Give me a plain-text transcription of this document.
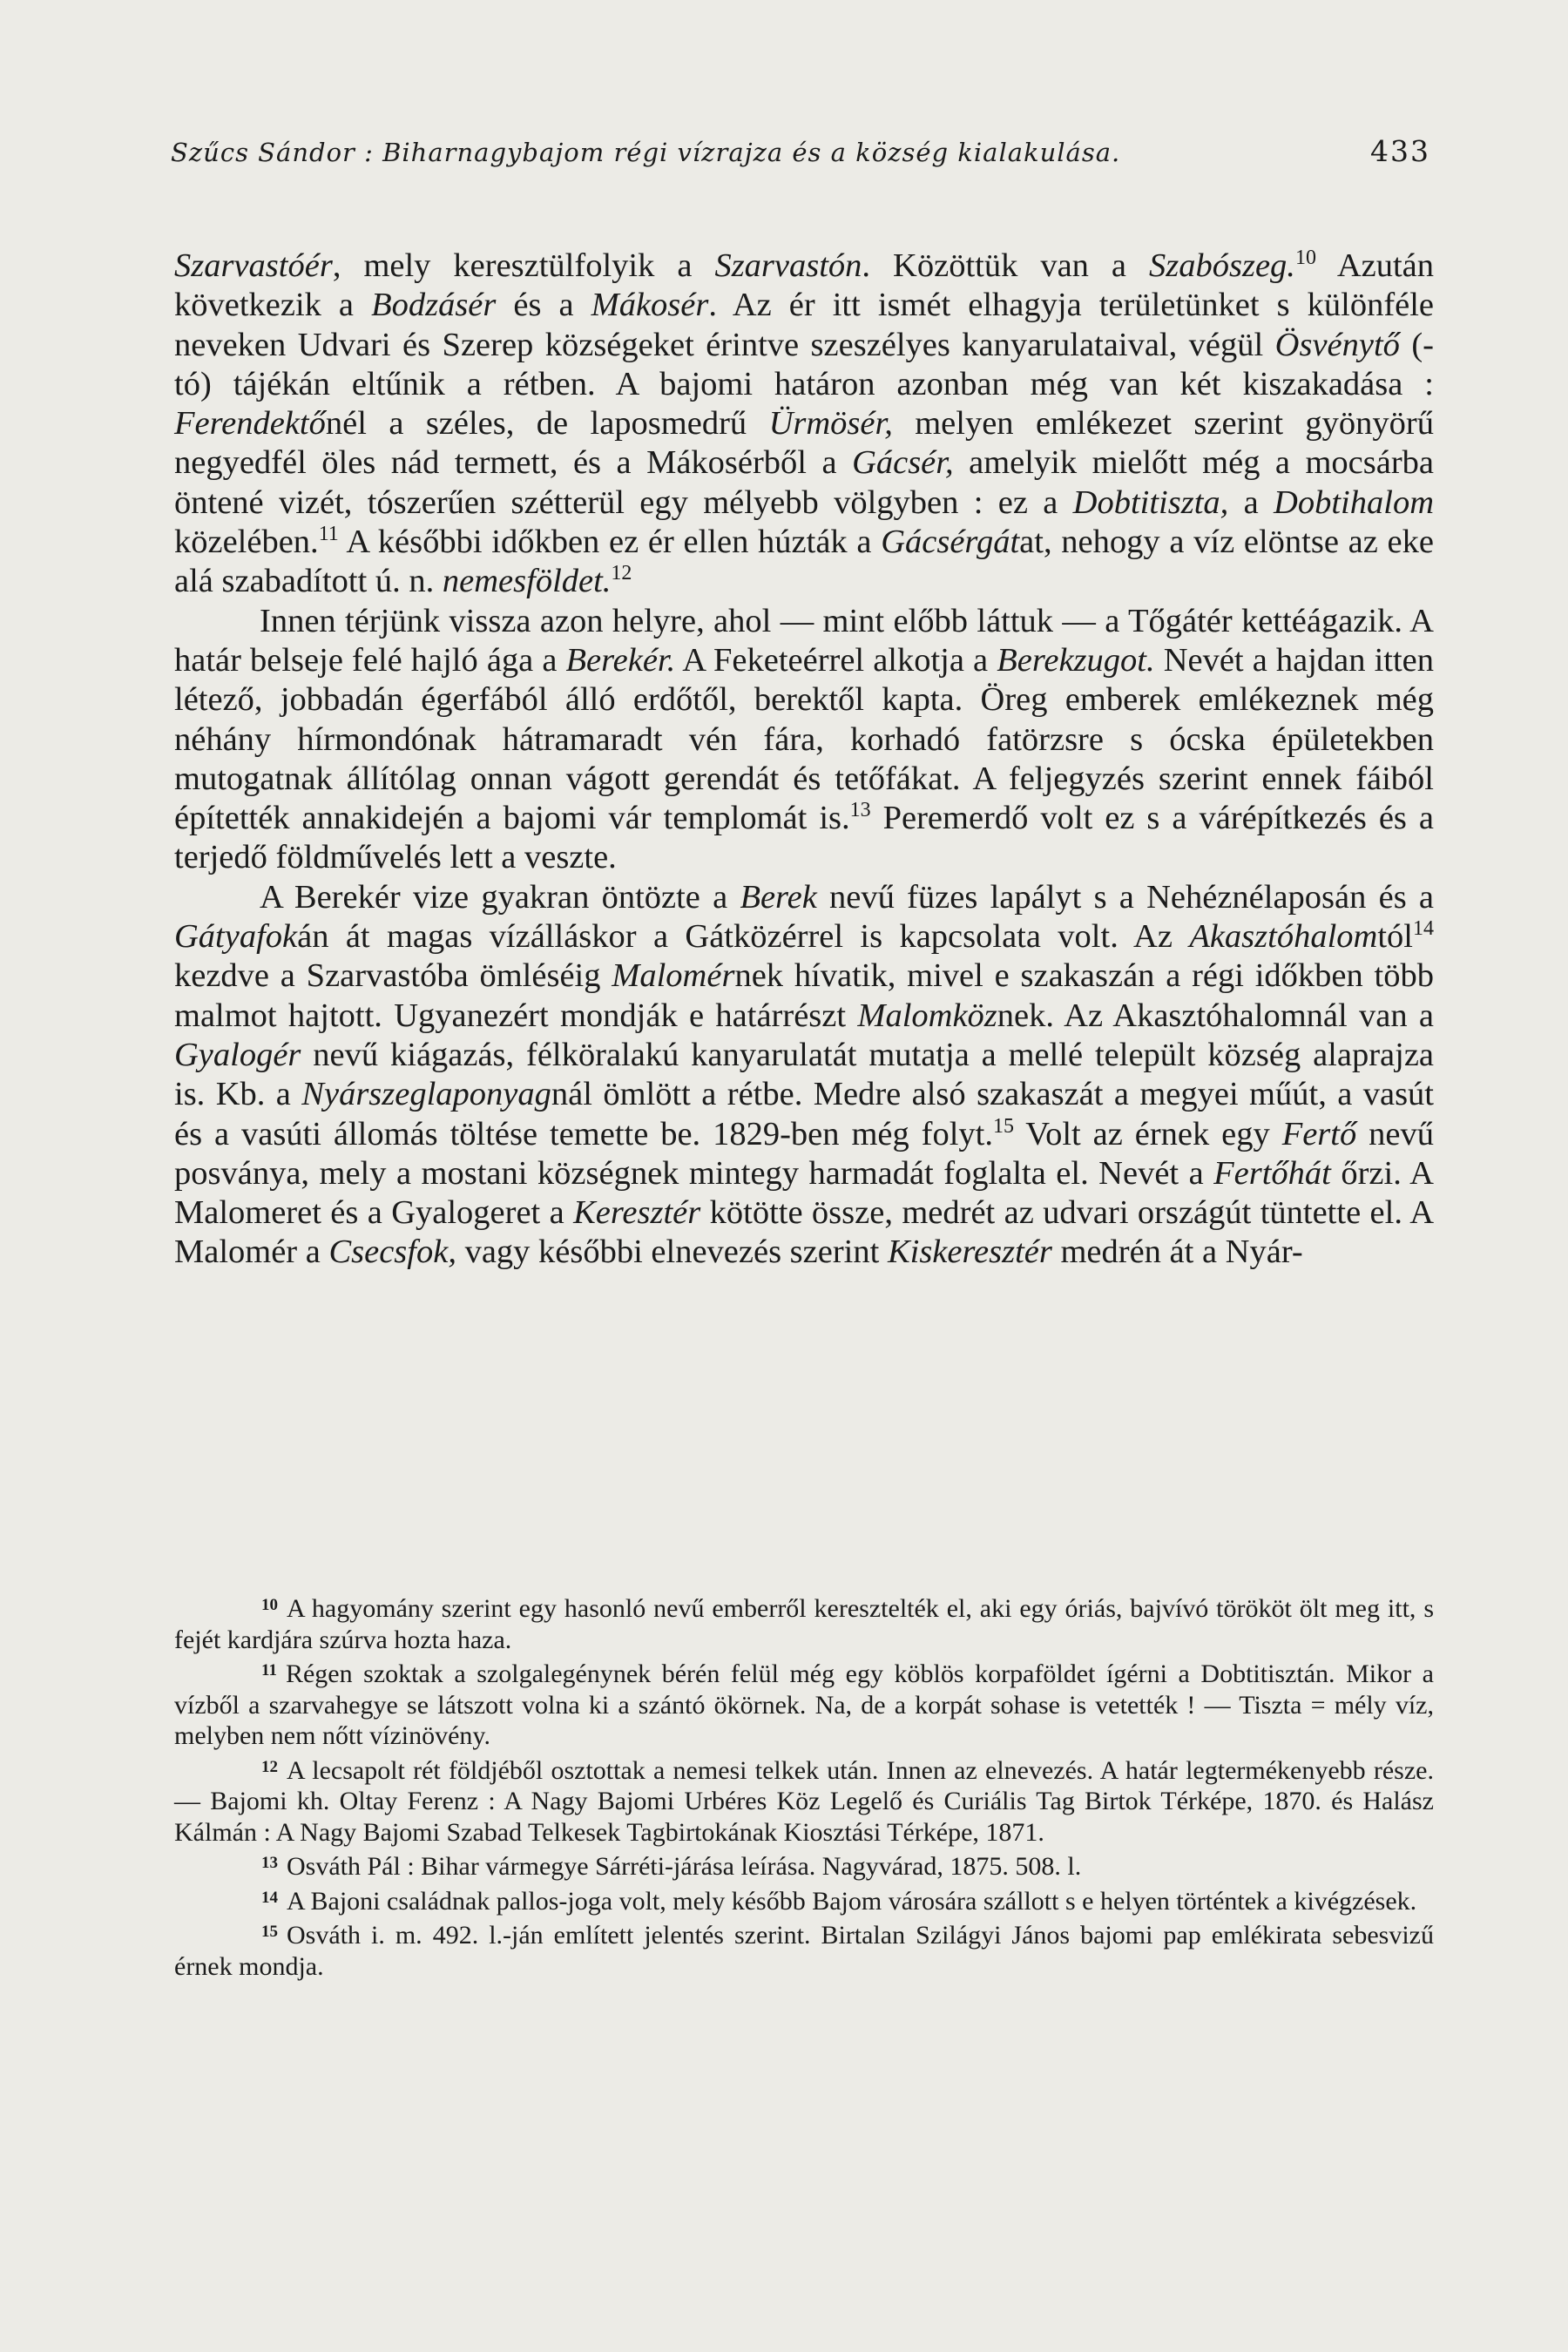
Szűcs Sándor : Biharnagybajom régi vízrajza és a község kialakulása.	433

Szarvastóér, mely keresztülfolyik a Szarvastón. Közöttük van a Szabószeg.$^{10}$ Azután következik a Bodzásér és a Mákosér. Az ér itt ismét elhagyja területünket s különféle neveken Udvari és Szerep községeket érintve szeszélyes kanyarulataival, végül Ösvénytő (-tó) tájékán eltűnik a rétben. A bajomi határon azonban még van két kiszakadása : Ferendektőnél a széles, de laposmedrű Ürmösér, melyen emlékezet szerint gyönyörű negyedfél öles nád termett, és a Mákosérből a Gácsér, amelyik mielőtt még a mocsárba öntené vizét, tószerűen szétterül egy mélyebb völgyben : ez a Dobtitiszta, a Dobtihalom közelében.$^{11}$ A későbbi időkben ez ér ellen húzták a Gácsérgátat, nehogy a víz elöntse az eke alá szabadított ú. n. nemesföldet.$^{12}$

Innen térjünk vissza azon helyre, ahol — mint előbb láttuk — a Tőgátér kettéágazik. A határ belseje felé hajló ága a Berekér. A Feketeérrel alkotja a Berekzugot. Nevét a hajdan itten létező, jobbadán égerfából álló erdőtől, berektől kapta. Öreg emberek emlékeznek még néhány hírmondónak hátramaradt vén fára, korhadó fatörzsre s ócska épületekben mutogatnak állítólag onnan vágott gerendát és tetőfákat. A feljegyzés szerint ennek fáiból építették annakidején a bajomi vár templomát is.$^{13}$ Peremerdő volt ez s a várépítkezés és a terjedő földművelés lett a veszte.

A Berekér vize gyakran öntözte a Berek nevű füzes lapályt s a Nehéznélaposán és a Gátyafokán át magas vízálláskor a Gátközérrel is kapcsolata volt. Az Akasztóhalomtól$^{14}$ kezdve a Szarvastóba ömléséig Malomérnek hívatik, mivel e szakaszán a régi időkben több malmot hajtott. Ugyanezért mondják e határrészt Malomköznek. Az Akasztóhalomnál van a Gyalogér nevű kiágazás, félköralakú kanyarulatát mutatja a mellé települt község alaprajza is. Kb. a Nyárszeglaponyagnál ömlött a rétbe. Medre alsó szakaszát a megyei műút, a vasút és a vasúti állomás töltése temette be. 1829-ben még folyt.$^{15}$ Volt az érnek egy Fertő nevű posványa, mely a mostani községnek mintegy harmadát foglalta el. Nevét a Fertőhát őrzi. A Malomeret és a Gyalogeret a Keresztér kötötte össze, medrét az udvari országút tüntette el. A Malomér a Csecsfok, vagy későbbi elnevezés szerint Kiskeresztér medrén át a Nyár-

$^{10}$ A hagyomány szerint egy hasonló nevű emberről keresztelték el, aki egy óriás, bajvívó törököt ölt meg itt, s fejét kardjára szúrva hozta haza.

$^{11}$ Régen szoktak a szolgalegénynek bérén felül még egy köblös korpaföldet ígérni a Dobtitisztán. Mikor a vízből a szarvahegye se látszott volna ki a szántó ökörnek. Na, de a korpát sohase is vetették ! — Tiszta = mély víz, melyben nem nőtt vízinövény.

$^{12}$ A lecsapolt rét földjéből osztottak a nemesi telkek után. Innen az elnevezés. A határ legtermékenyebb része. — Bajomi kh. Oltay Ferenz : A Nagy Bajomi Urbéres Köz Legelő és Curiális Tag Birtok Térképe, 1870. és Halász Kálmán : A Nagy Bajomi Szabad Telkesek Tagbirtokának Kiosztási Térképe, 1871.

$^{13}$ Osváth Pál : Bihar vármegye Sárréti-járása leírása. Nagyvárad, 1875. 508. l.

$^{14}$ A Bajoni családnak pallos-joga volt, mely később Bajom városára szállott s e helyen történtek a kivégzések.

$^{15}$ Osváth i. m. 492. l.-ján említett jelentés szerint. Birtalan Szilágyi János bajomi pap emlékirata sebesvizű érnek mondja.
